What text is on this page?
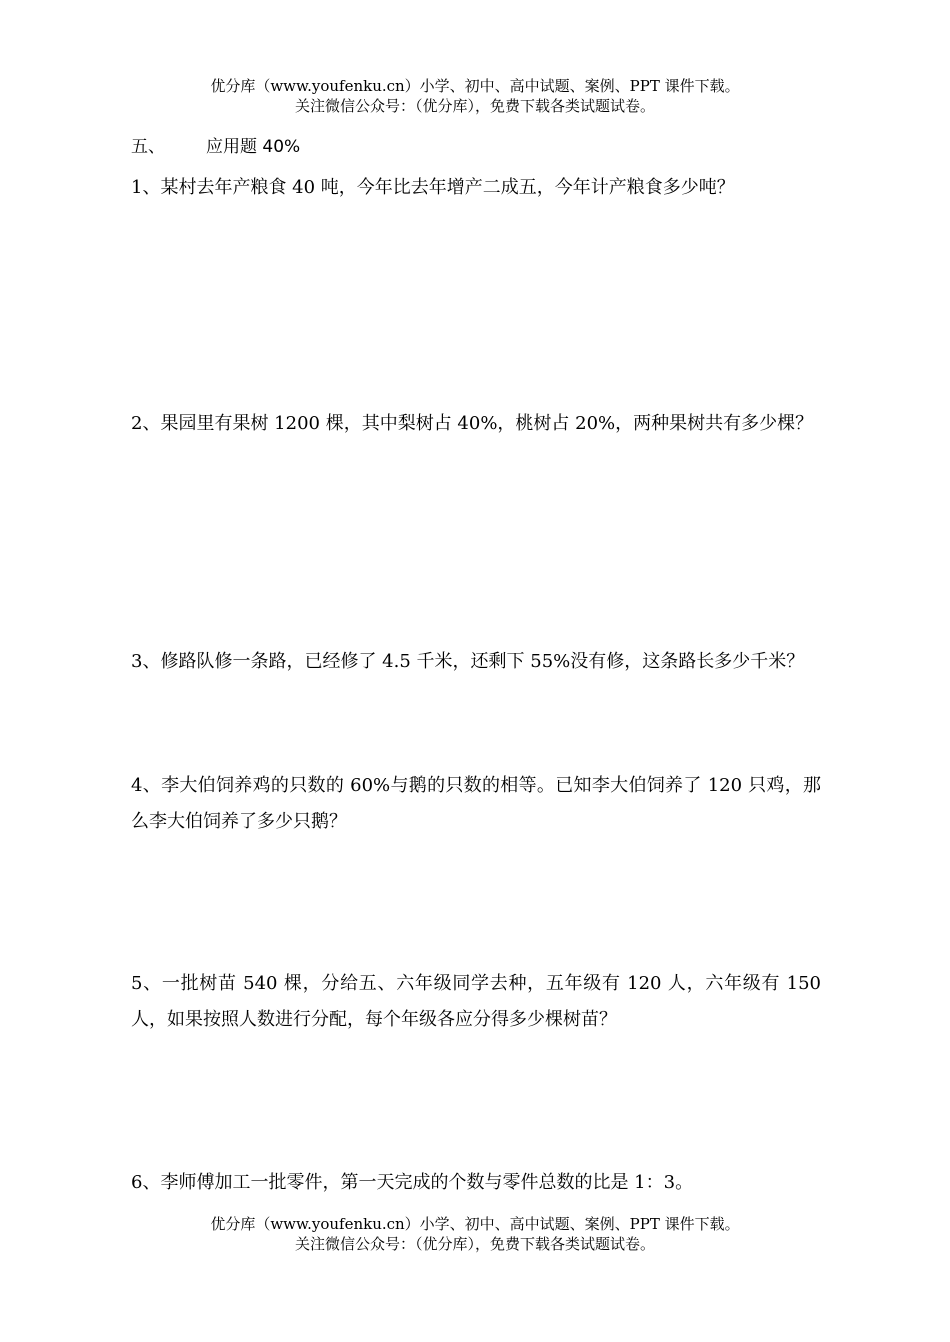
优分库（www.youfenku.cn）小学、初中、高中试题、案例、PPT 课件下载。
关注微信公众号：（优分库），免费下载各类试题试卷。
五、 应用题 40%
1、某村去年产粮食 40 吨，今年比去年增产二成五，今年计产粮食多少吨？
2、果园里有果树 1200 棵，其中梨树占 40%，桃树占 20%，两种果树共有多少棵？
3、修路队修一条路，已经修了 4.5 千米，还剩下 55%没有修，这条路长多少千米？
4、李大伯饲养鸡的只数的 60%与鹅的只数的相等。已知李大伯饲养了 120 只鸡，那么李大伯饲养了多少只鹅？
5、一批树苗 540 棵，分给五、六年级同学去种，五年级有 120 人，六年级有 150 人，如果按照人数进行分配，每个年级各应分得多少棵树苗？
6、李师傅加工一批零件，第一天完成的个数与零件总数的比是 1：3。
优分库（www.youfenku.cn）小学、初中、高中试题、案例、PPT 课件下载。
关注微信公众号：（优分库），免费下载各类试题试卷。
